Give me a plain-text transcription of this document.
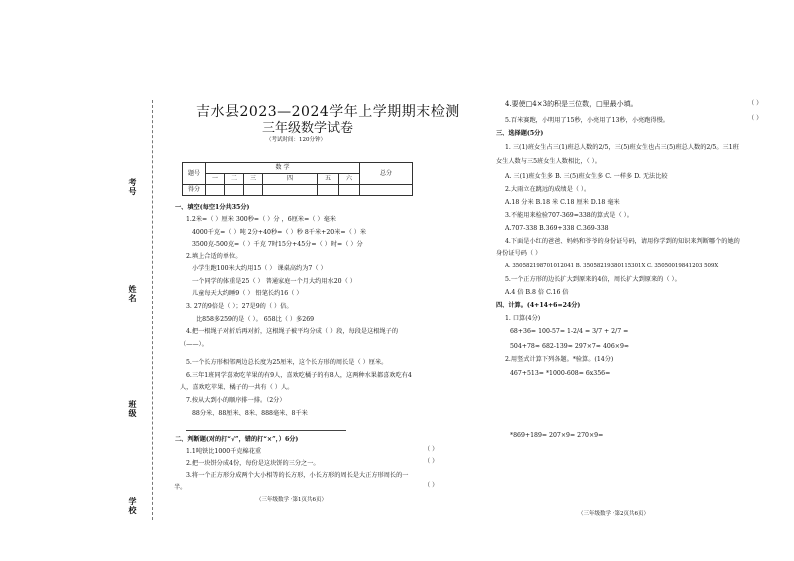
考号
姓名
班级
学校
吉水县2023—2024学年上学期期末检测
三年级数学试卷
（考试时间：120分钟）
题号	数 学						总分
	一	二	三	四	五	六	
得分							
一、填空(每空1分共35分)
1.2米=（ ）厘米 300秒=（ ）分 ，6厘米=（ ）毫米
4000千克=（ ）吨 2分+40秒=（ ）秒 8千米+20米=（ ）米
3500克-500克=（ ）千克 7时15分+45分=（ ）时=（ ）分
2.填上合适的单位。
小学生跑100米大约用15（ ） 课桌高约为7（ ）
一个同学的体重是25（ ） 普通家庭一个月大约用水20（ ）
儿童每天大约睡9（ ） 铅笔长约16（ ）
3. 27的9倍是（ ）；27是9的（ ）倍。
比858多259的是（ ）。 658比（ ）多269
4.把一根绳子对折后再对折，这根绳子被平均分成（ ）段，每段是这根绳子的
（——）。
5.一个长方形相邻两边总长度为25厘米，这个长方形的周长是（ ）厘米。
6.三年1班同学喜欢吃苹果的有9人，喜欢吃橘子的有8人，这两种水果都喜欢吃有4
人，喜欢吃苹果、橘子的一共有（ ）人。
7.按从大到小的顺序排一排。（2分）
88分米、88厘米、8米、888毫米、8千米
二、判断题(对的打“√”，错的打“×”，）6分)
1.1吨铁比1000千克棉花重	（ ）
2.把一块饼分成4份，每份是这块饼的三分之一。	（ ）
3.将一个正方形分成两个大小相等的长方形，小长方形的周长是大正方形周长的一
半。	（ ）
（三年级数学 ·第1页共6页）
4.要使□4×3的积是三位数，□里最小填。	（ ）
5.百米赛跑，小明用了15秒，小亮用了13秒，小亮跑得慢。	（ ）
三、选择题(5分)
1. 三(1)班女生占三(1)班总人数的2/5，三(5)班女生也占三(5)班总人数的2/5。三1班
女生人数与三5班女生人数相比，（ ）。
A. 三(1)班女生多 B. 三(5)班女生多 C. 一样多 D. 无法比较
2.大雨立在跳远的成绩是（ ）。
A.18 分米 B.18 米 C.18 厘米 D.18 毫米
3.不能用来检验707-369=338的算式是（ ）。
A.707-338 B.369+338 C.369-338
4.下面是小红的爸爸、妈妈和爷爷的身份证号码，请用你学到的知识来判断哪个的她的
身份证号码（ ）
A. 350582198701012041 B. 35058219380115301X C. 35050019841203 509X
5.一个正方形的边长扩大到原来的4倍，周长扩大到原来的（ ）。
A.4 倍 B.8 倍 C.16 倍
四、计算。(4+14+6=24分)
1. 口算(4分)
68+36= 100-57= 1-2/4 = 3/7 + 2/7 =
504+78≈ 682-139≈ 297×7≈ 406×9≈
2.用竖式计算下列各题。*验算。(14分)
467+513= *1000-608= 6x356=
*869+189= 207×9= 270×9=
（三年级数学 ·第2页共6页）
